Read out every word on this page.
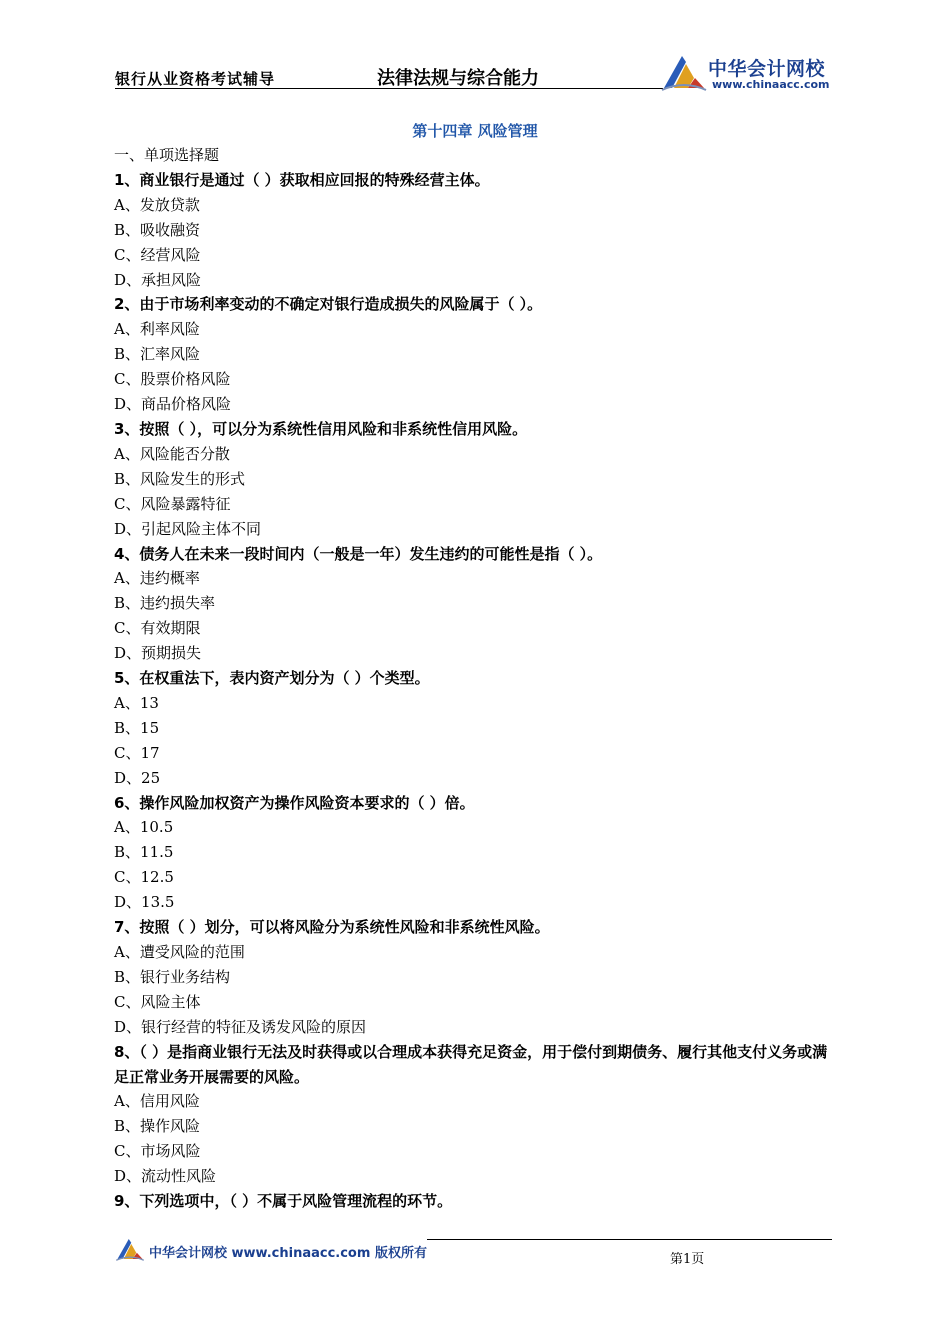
银行从业资格考试辅导	法律法规与综合能力	中华会计网校
www.chinaacc.com
第十四章 风险管理
一、单项选择题
1、商业银行是通过（ ）获取相应回报的特殊经营主体。
A、发放贷款
B、吸收融资
C、经营风险
D、承担风险
2、由于市场利率变动的不确定对银行造成损失的风险属于（ ）。
A、利率风险
B、汇率风险
C、股票价格风险
D、商品价格风险
3、按照（ ），可以分为系统性信用风险和非系统性信用风险。
A、风险能否分散
B、风险发生的形式
C、风险暴露特征
D、引起风险主体不同
4、债务人在未来一段时间内（一般是一年）发生违约的可能性是指（ ）。
A、违约概率
B、违约损失率
C、有效期限
D、预期损失
5、在权重法下，表内资产划分为（ ）个类型。
A、13
B、15
C、17
D、25
6、操作风险加权资产为操作风险资本要求的（ ）倍。
A、10.5
B、11.5
C、12.5
D、13.5
7、按照（ ）划分，可以将风险分为系统性风险和非系统性风险。
A、遭受风险的范围
B、银行业务结构
C、风险主体
D、银行经营的特征及诱发风险的原因
8、（ ）是指商业银行无法及时获得或以合理成本获得充足资金，用于偿付到期债务、履行其他支付义务或满足正常业务开展需要的风险。
A、信用风险
B、操作风险
C、市场风险
D、流动性风险
9、下列选项中，（ ）不属于风险管理流程的环节。
中华会计网校 www.chinaacc.com 版权所有	第1页
